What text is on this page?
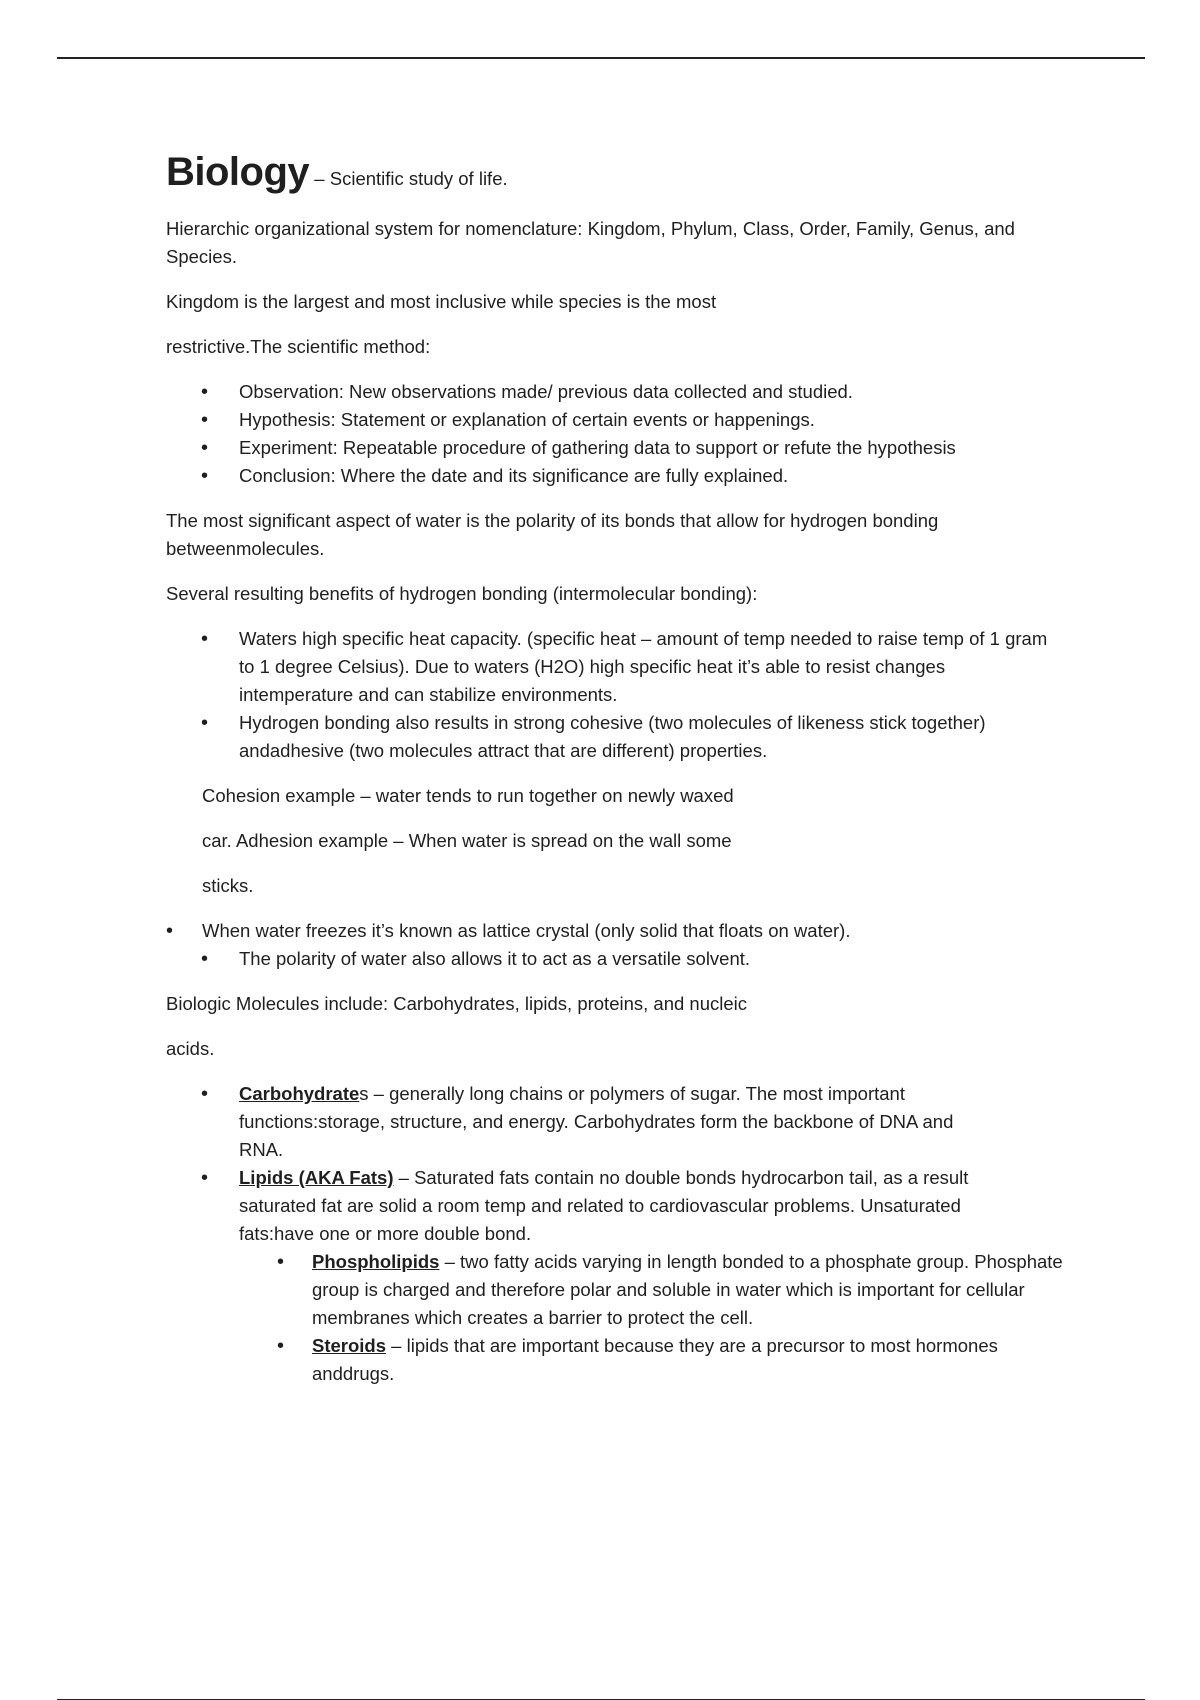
Biology – Scientific study of life.

Hierarchic organizational system for nomenclature: Kingdom, Phylum, Class, Order, Family, Genus, and Species.

Kingdom is the largest and most inclusive while species is the most

restrictive.The scientific method:

• Observation: New observations made/ previous data collected and studied.
• Hypothesis: Statement or explanation of certain events or happenings.
• Experiment: Repeatable procedure of gathering data to support or refute the hypothesis
• Conclusion: Where the date and its significance are fully explained.

The most significant aspect of water is the polarity of its bonds that allow for hydrogen bonding betweenmolecules.

Several resulting benefits of hydrogen bonding (intermolecular bonding):

• Waters high specific heat capacity. (specific heat – amount of temp needed to raise temp of 1 gram to 1 degree Celsius). Due to waters (H2O) high specific heat it’s able to resist changes intemperature and can stabilize environments.
• Hydrogen bonding also results in strong cohesive (two molecules of likeness stick together) andadhesive (two molecules attract that are different) properties.

Cohesion example – water tends to run together on newly waxed

car. Adhesion example – When water is spread on the wall some

sticks.

• When water freezes it’s known as lattice crystal (only solid that floats on water).
• The polarity of water also allows it to act as a versatile solvent.

Biologic Molecules include: Carbohydrates, lipids, proteins, and nucleic

acids.

• Carbohydrates – generally long chains or polymers of sugar. The most important functions:storage, structure, and energy. Carbohydrates form the backbone of DNA and RNA.
• Lipids (AKA Fats) – Saturated fats contain no double bonds hydrocarbon tail, as a result saturated fat are solid a room temp and related to cardiovascular problems. Unsaturated fats:have one or more double bond.
• Phospholipids – two fatty acids varying in length bonded to a phosphate group. Phosphate group is charged and therefore polar and soluble in water which is important for cellular membranes which creates a barrier to protect the cell.
• Steroids – lipids that are important because they are a precursor to most hormones anddrugs.
